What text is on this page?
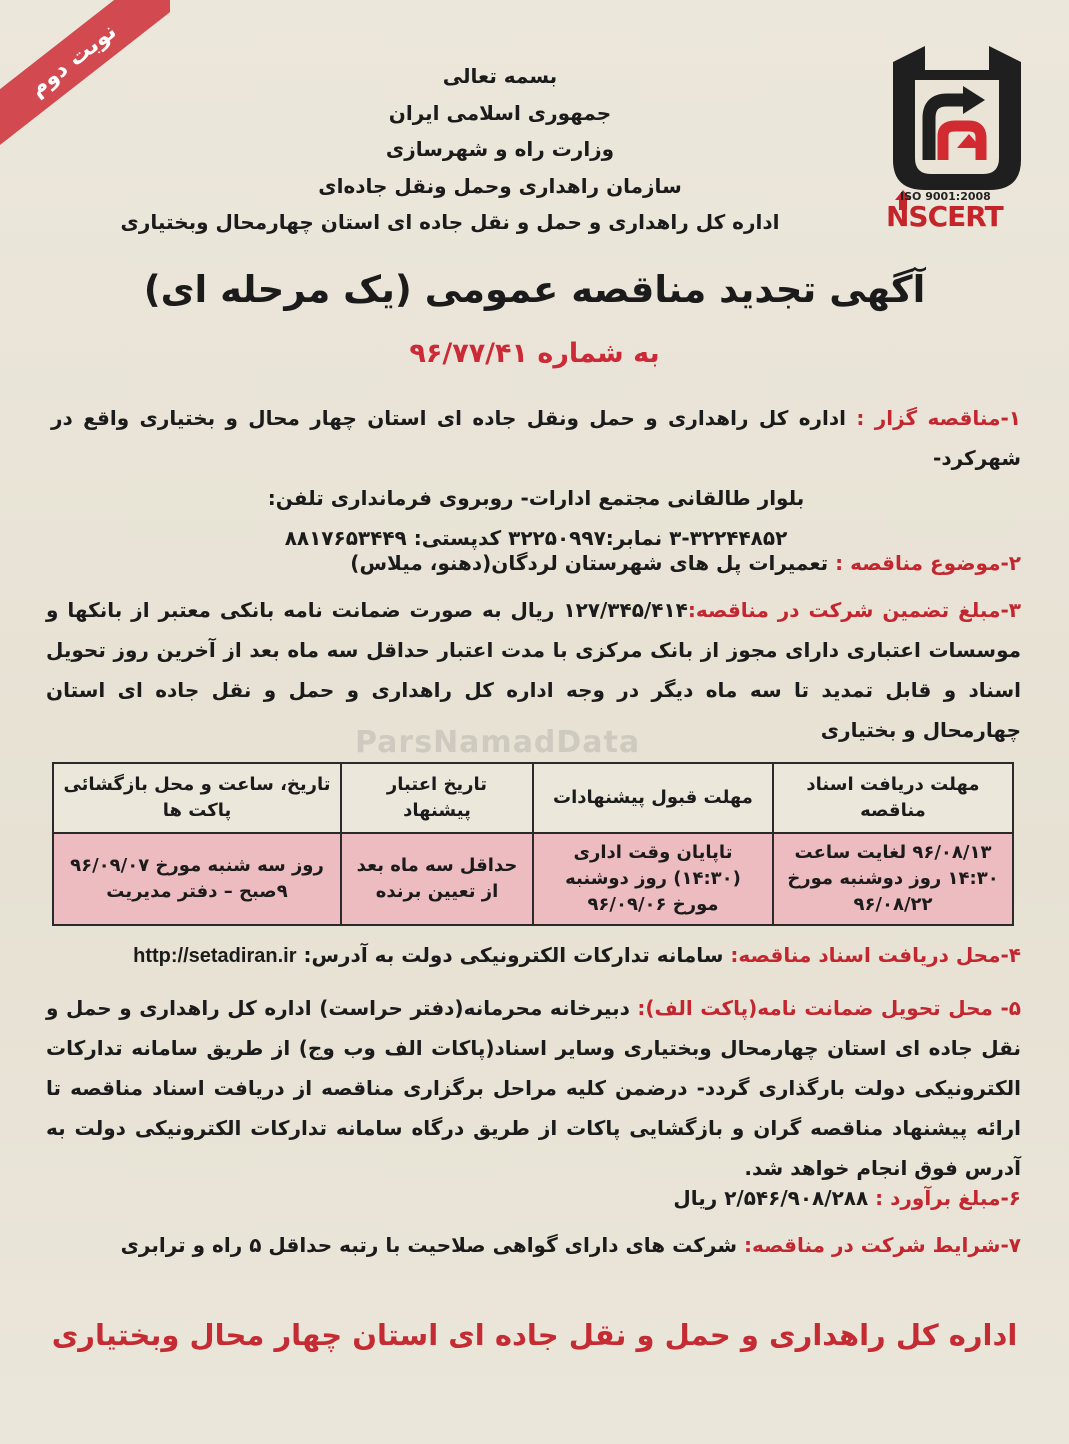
نوبت دوم
ISO 9001:2008
NSCERT
بسمه تعالی
جمهوری اسلامی ایران
وزارت راه و شهرسازی
سازمان راهداری وحمل ونقل جاده‌ای
اداره کل راهداری و حمل و نقل جاده ای استان چهارمحال وبختیاری
آگهی تجدید مناقصه عمومی (یک مرحله ای)
به شماره ۹۶/۷۷/۴۱
۱-مناقصه گزار : اداره کل راهداری و حمل ونقل جاده ای استان چهار محال و بختیاری واقع در شهرکرد-
بلوار طالقانی مجتمع ادارات- روبروی فرمانداری تلفن:
۳-۳۲۲۴۴۸۵۲ نمابر:۳۲۲۵۰۹۹۷ کدپستی: ۸۸۱۷۶۵۳۴۴۹
۲-موضوع مناقصه : تعمیرات پل های شهرستان لردگان(دهنو، میلاس)
۳-مبلغ تضمین شرکت در مناقصه:۱۲۷/۳۴۵/۴۱۴ ریال به صورت ضمانت نامه بانکی معتبر از بانکها و موسسات اعتباری دارای مجوز از بانک مرکزی با مدت اعتبار حداقل سه ماه بعد از آخرین روز تحویل اسناد و قابل تمدید تا سه ماه دیگر در وجه اداره کل راهداری و حمل و نقل جاده ای استان چهارمحال و بختیاری
ParsNamadData
مهلت دریافت اسناد مناقصه	مهلت قبول پیشنهادات	تاریخ اعتبار پیشنهاد	تاریخ، ساعت و محل بازگشائی پاکت ها
۹۶/۰۸/۱۳ لغایت ساعت ۱۴:۳۰ روز دوشنبه مورخ ۹۶/۰۸/۲۲	تاپایان وقت اداری (۱۴:۳۰) روز دوشنبه مورخ ۹۶/۰۹/۰۶	حداقل سه ماه بعد از تعیین برنده	روز سه شنبه مورخ ۹۶/۰۹/۰۷ ۹صبح – دفتر مدیریت
۴-محل دریافت اسناد مناقصه: سامانه تدارکات الکترونیکی دولت به آدرس: http://setadiran.ir
۵- محل تحویل ضمانت نامه(پاکت الف): دبیرخانه محرمانه(دفتر حراست) اداره کل راهداری و حمل و نقل جاده ای استان چهارمحال وبختیاری وسایر اسناد(پاکات الف وب وج) از طریق سامانه تدارکات الکترونیکی دولت بارگذاری گردد- درضمن کلیه مراحل برگزاری مناقصه از دریافت اسناد مناقصه تا ارائه پیشنهاد مناقصه گران و بازگشایی پاکات از طریق درگاه سامانه تدارکات الکترونیکی دولت به آدرس فوق انجام خواهد شد.
۶-مبلغ برآورد : ۲/۵۴۶/۹۰۸/۲۸۸ ریال
۷-شرایط شرکت در مناقصه: شرکت های دارای گواهی صلاحیت با رتبه حداقل ۵ راه و ترابری
اداره کل راهداری و حمل و نقل جاده ای استان چهار محال وبختیاری
